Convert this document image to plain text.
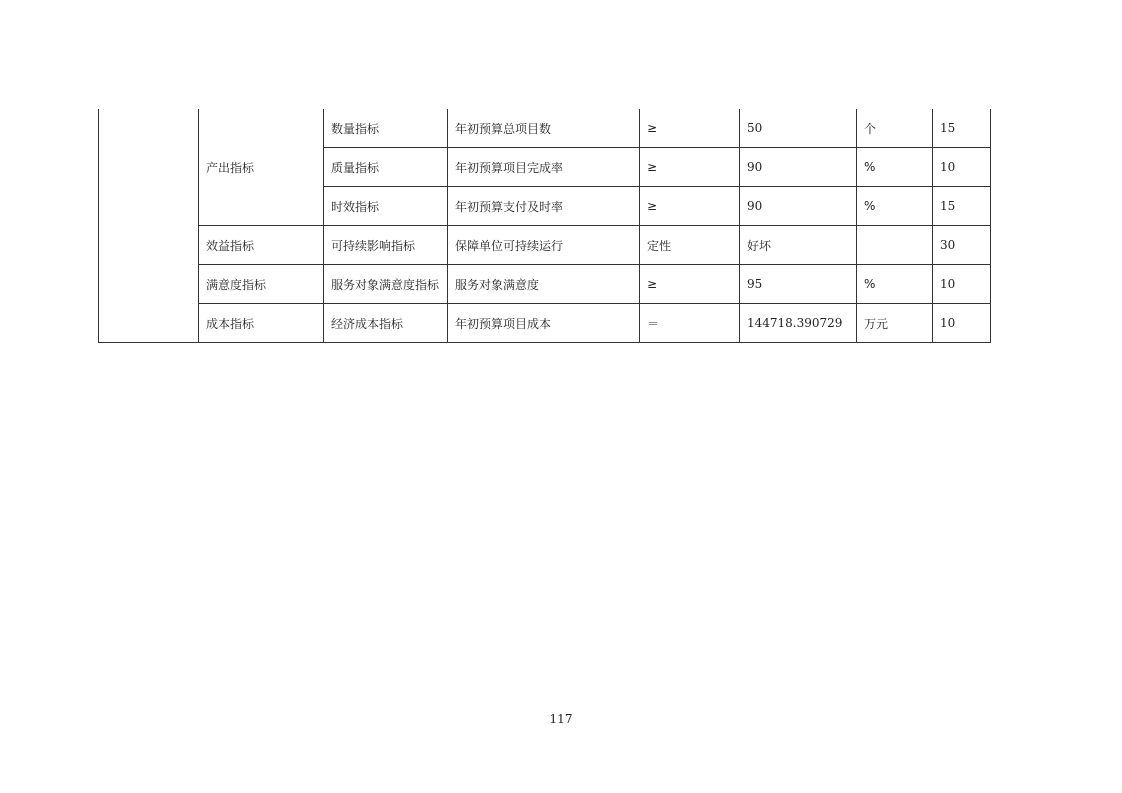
	产出指标	数量指标	年初预算总项目数	≥	50	个	15
		质量指标	年初预算项目完成率	≥	90	%	10
		时效指标	年初预算支付及时率	≥	90	%	15
	效益指标	可持续影响指标	保障单位可持续运行	定性	好坏		30
	满意度指标	服务对象满意度指标	服务对象满意度	≥	95	%	10
	成本指标	经济成本指标	年初预算项目成本	＝	144718.390729	万元	10
117
